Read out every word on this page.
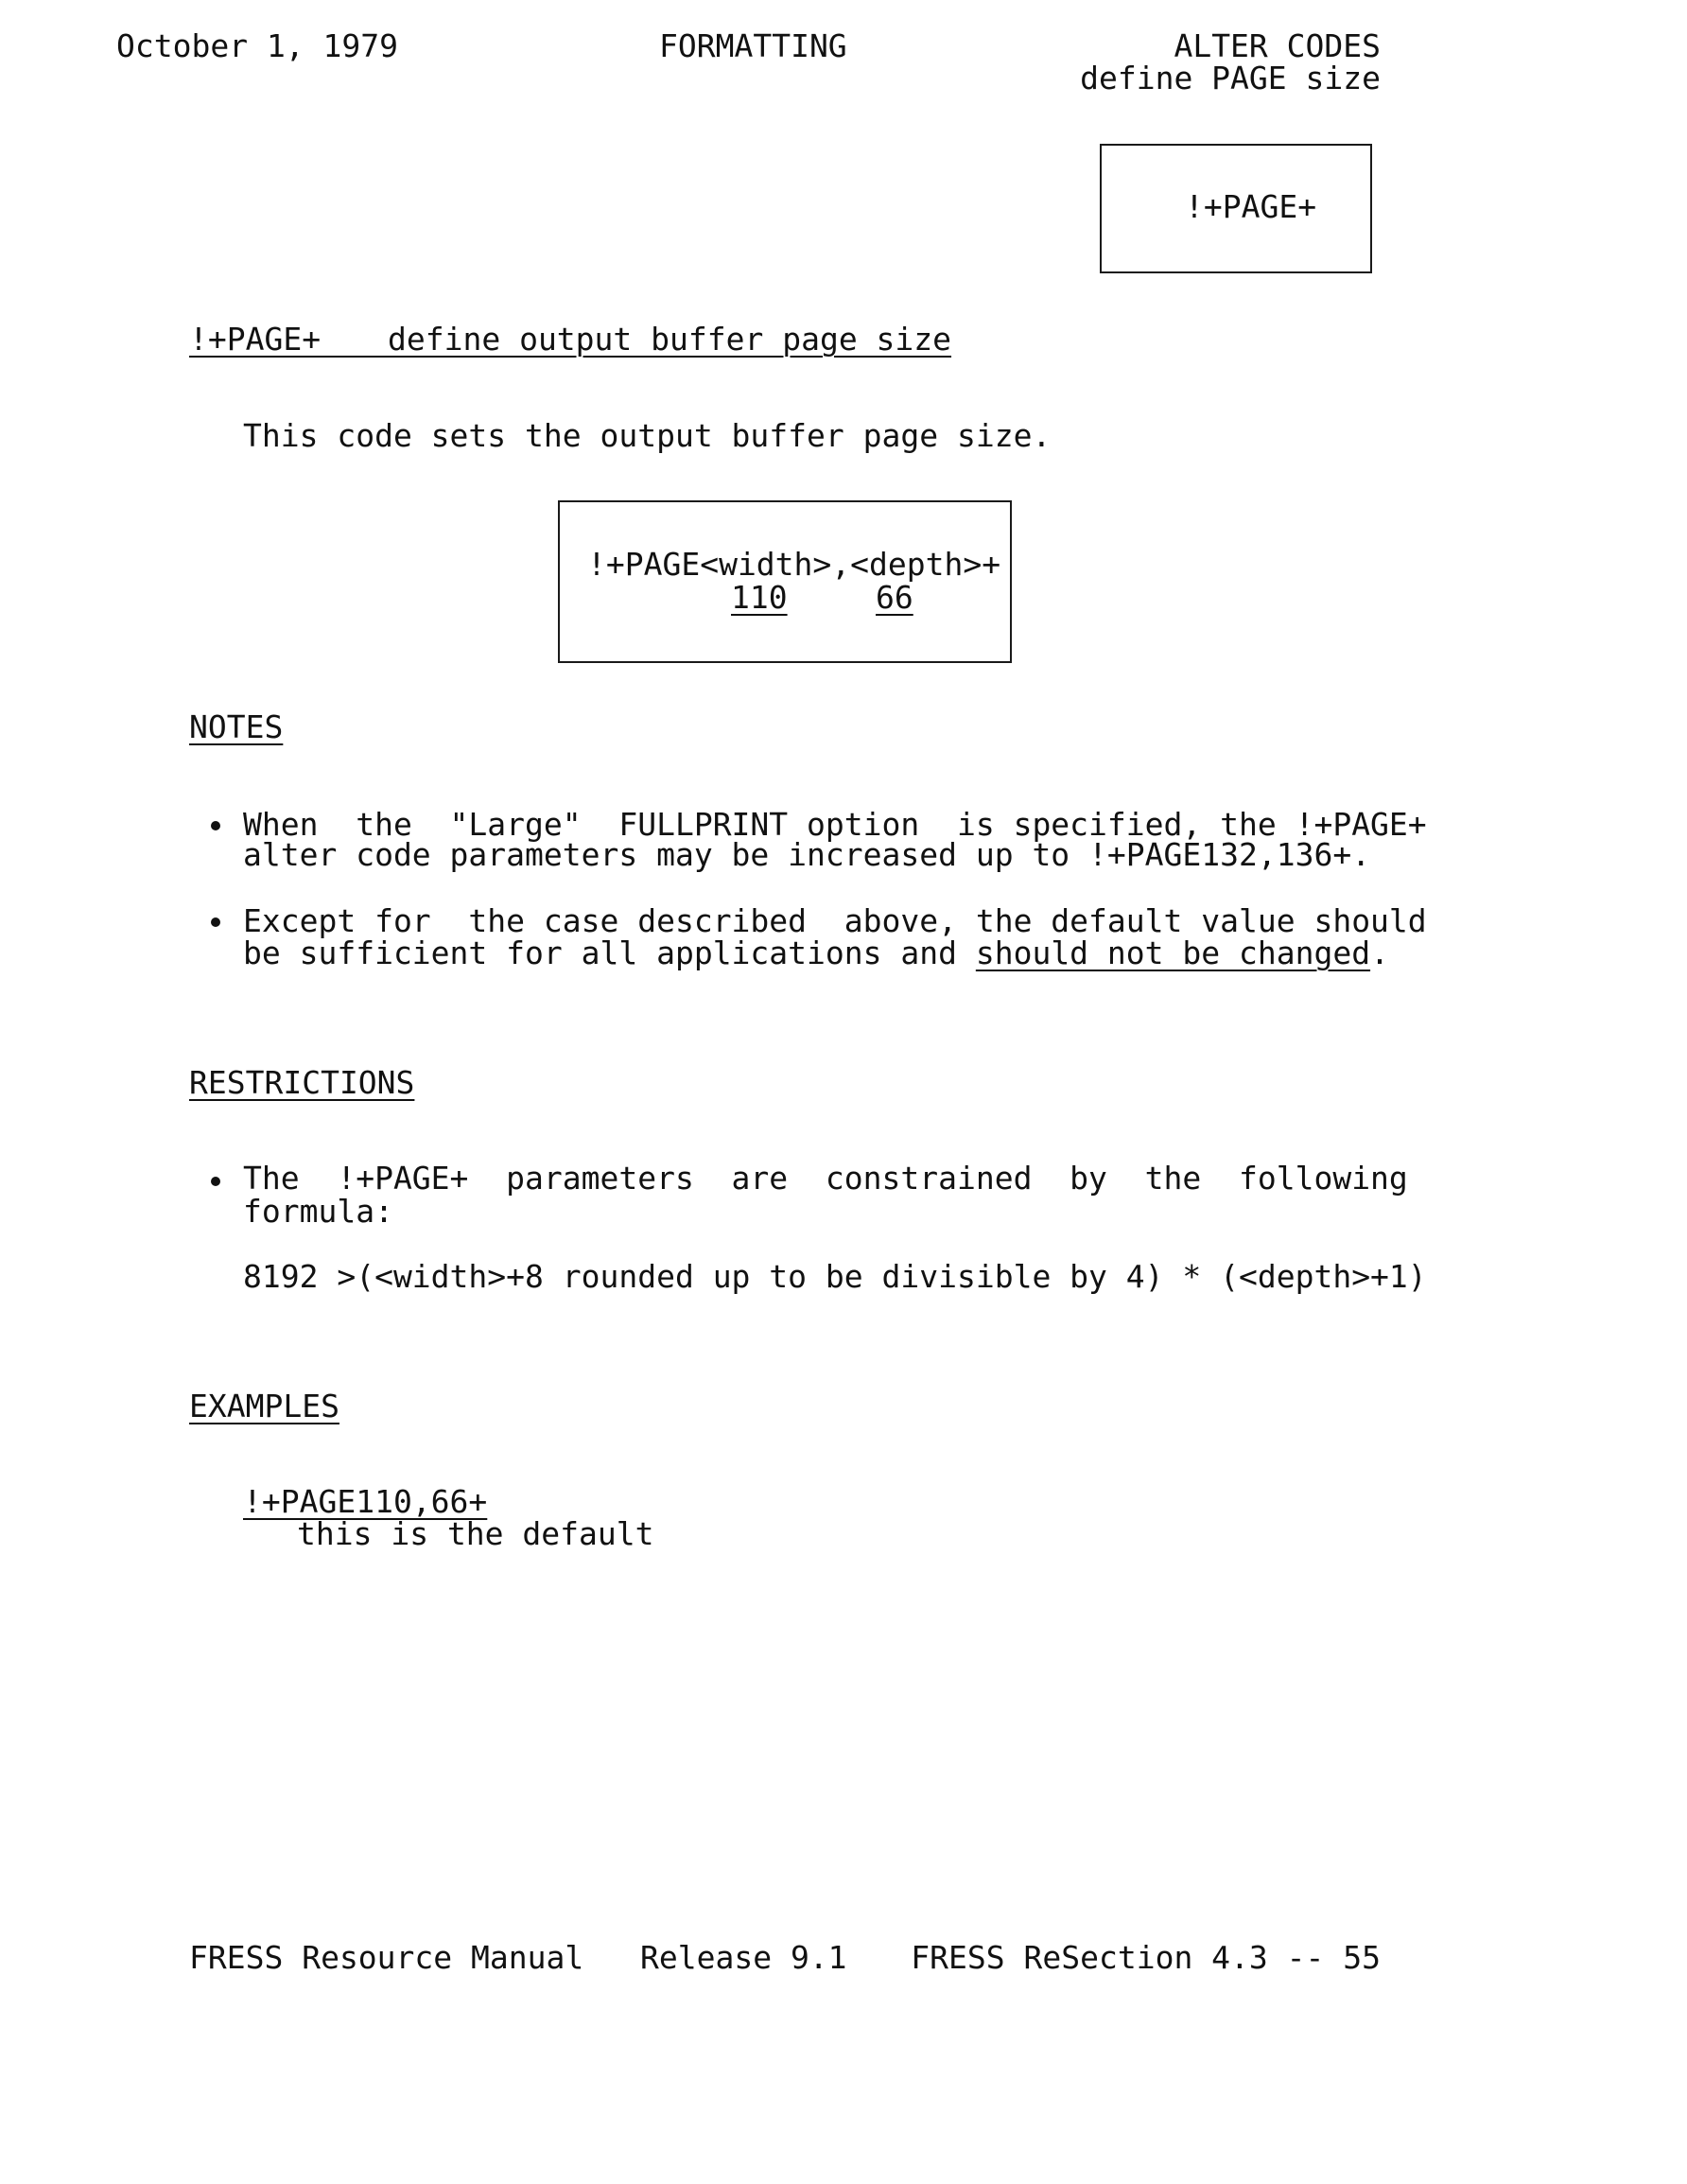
October 1, 1979	FORMATTING	ALTER CODES
define PAGE size
!+PAGE+
!+PAGE+
     define output buffer page size
This code sets the output buffer page size.
!+PAGE<width>,<depth>+
110	66
NOTES
When  the  "Large"  FULLPRINT option  is specified, the !+PAGE+
alter code parameters may be increased up to !+PAGE132,136+.
Except for  the case described  above, the default value should
be sufficient for all applications and should not be changed.
RESTRICTIONS
The  !+PAGE+  parameters  are  constrained  by  the  following
formula:
8192 >(<width>+8 rounded up to be divisible by 4) * (<depth>+1)
EXAMPLES
!+PAGE110,66+
this is the default
FRESS Resource Manual Release 9.1 FRESS ReSection 4.3 -- 55
